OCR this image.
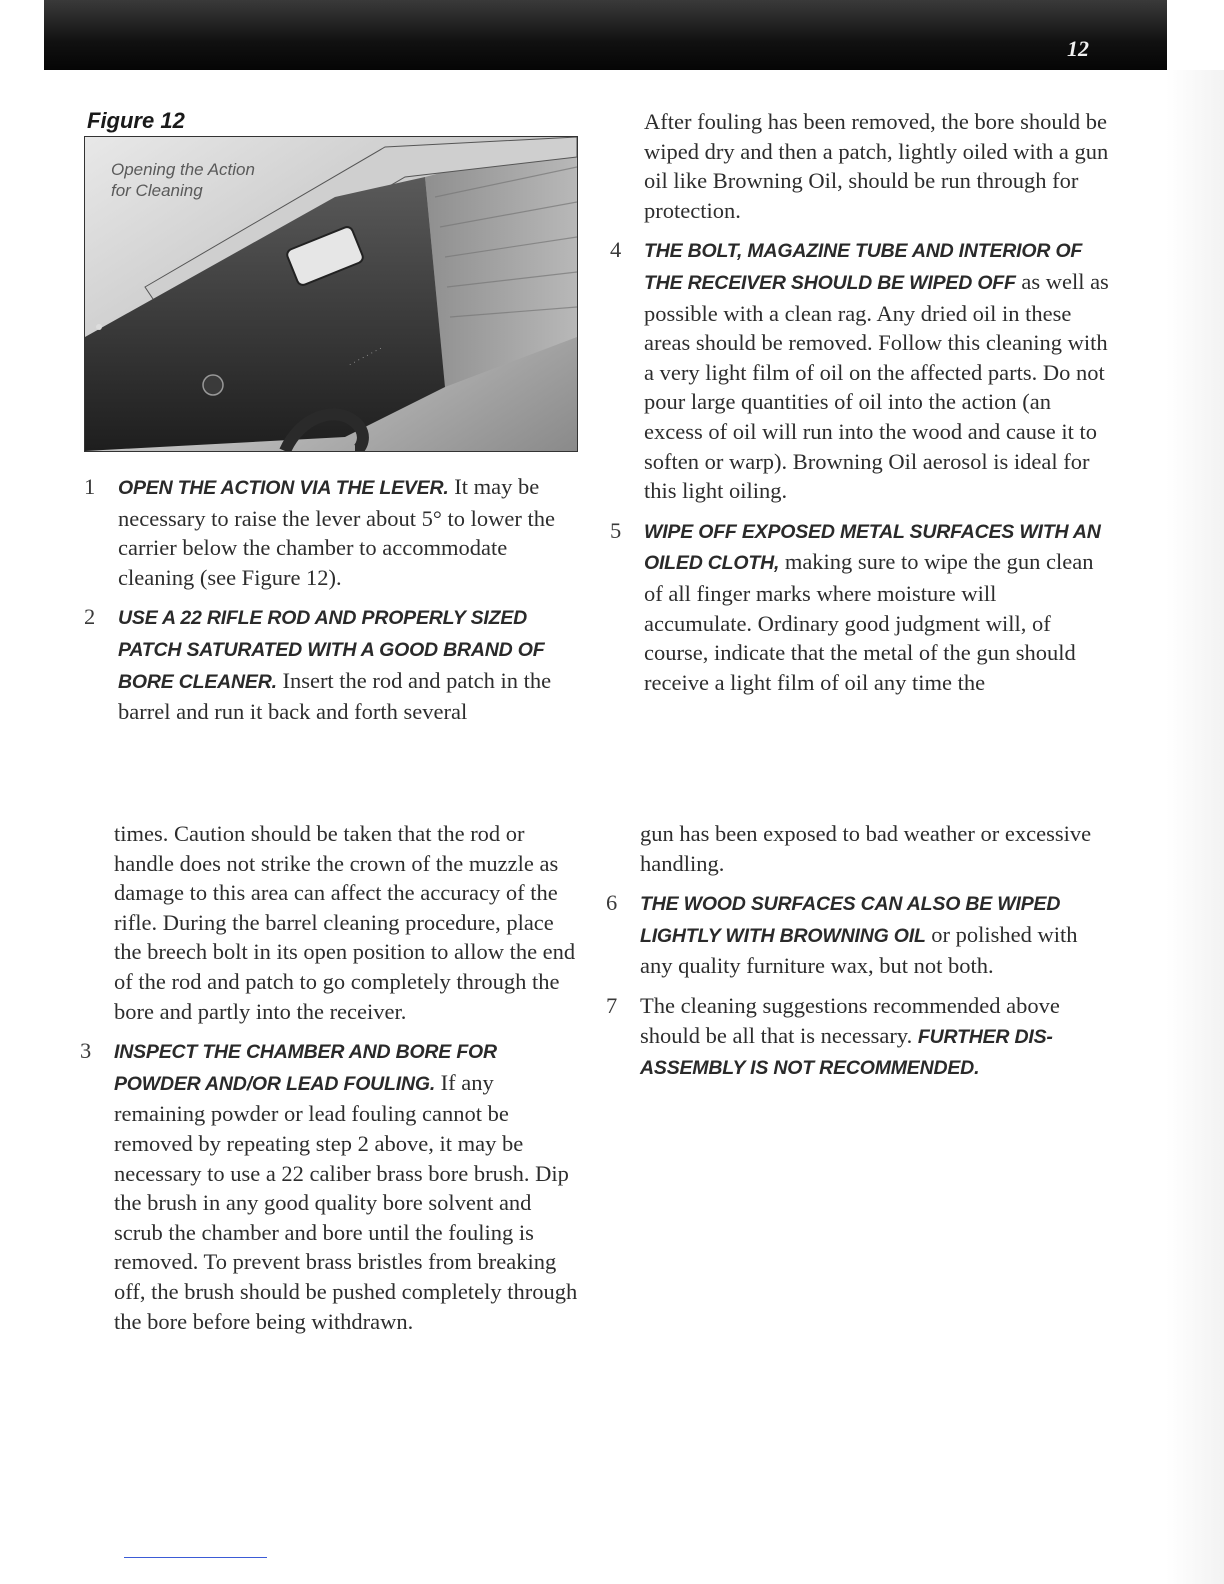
12
Figure 12
· · · · · · · ·
Opening the Action
for Cleaning
1	OPEN THE ACTION VIA THE LEVER. It may be necessary to raise the lever about 5° to lower the carrier below the chamber to accommodate cleaning (see Figure 12).
2	USE A 22 RIFLE ROD AND PROPERLY SIZED PATCH SATURATED WITH A GOOD BRAND OF BORE CLEANER. Insert the rod and patch in the barrel and run it back and forth several
After fouling has been removed, the bore should be wiped dry and then a patch, lightly oiled with a gun oil like Browning Oil, should be run through for protection.
4	THE BOLT, MAGAZINE TUBE AND INTERIOR OF THE RECEIVER SHOULD BE WIPED OFF as well as possible with a clean rag. Any dried oil in these areas should be removed. Follow this cleaning with a very light film of oil on the affected parts. Do not pour large quantities of oil into the action (an excess of oil will run into the wood and cause it to soften or warp). Browning Oil aerosol is ideal for this light oiling.
5	WIPE OFF EXPOSED METAL SURFACES WITH AN OILED CLOTH, making sure to wipe the gun clean of all finger marks where moisture will accumulate. Ordinary good judgment will, of course, indicate that the metal of the gun should receive a light film of oil any time the
times. Caution should be taken that the rod or handle does not strike the crown of the muzzle as damage to this area can affect the accuracy of the rifle. During the barrel cleaning procedure, place the breech bolt in its open position to allow the end of the rod and patch to go completely through the bore and partly into the receiver.
3	INSPECT THE CHAMBER AND BORE FOR POWDER AND/OR LEAD FOULING. If any remaining powder or lead fouling cannot be removed by repeating step 2 above, it may be necessary to use a 22 caliber brass bore brush. Dip the brush in any good quality bore solvent and scrub the chamber and bore until the fouling is removed. To prevent brass bristles from breaking off, the brush should be pushed completely through the bore before being withdrawn.
gun has been exposed to bad weather or excessive handling.
6	THE WOOD SURFACES CAN ALSO BE WIPED LIGHTLY WITH BROWNING OIL or polished with any quality furniture wax, but not both.
7	The cleaning suggestions recommended above should be all that is necessary. FURTHER DIS-ASSEMBLY IS NOT RECOMMENDED.
